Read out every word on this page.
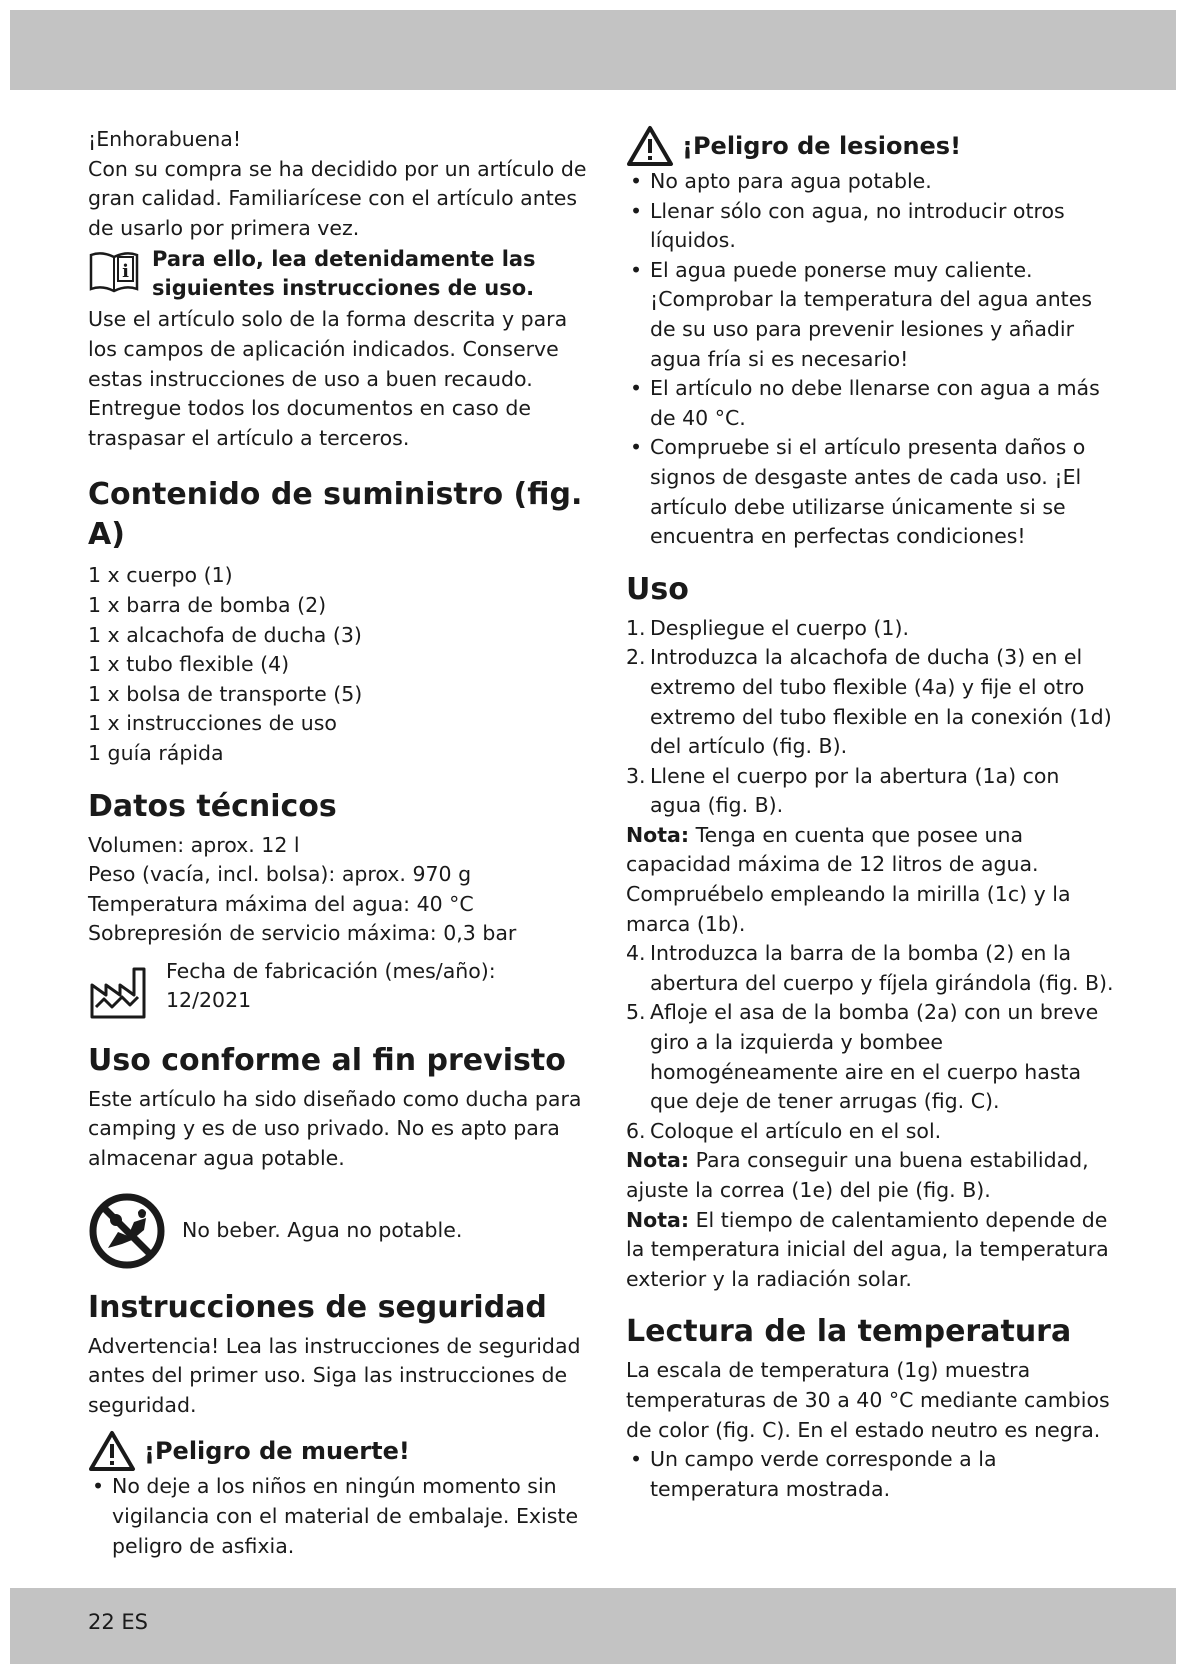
¡Enhorabuena!

Con su compra se ha decidido por un artículo de gran calidad. Familiarícese con el artículo antes de usarlo por primera vez.

i

Para ello, lea detenidamente las siguientes instrucciones de uso.

Use el artículo solo de la forma descrita y para los campos de aplicación indicados. Conserve estas instrucciones de uso a buen recaudo. Entregue todos los documentos en caso de traspasar el artículo a terceros.

Contenido de suministro (fig. A)

1 x cuerpo (1)

1 x barra de bomba (2)

1 x alcachofa de ducha (3)

1 x tubo flexible (4)

1 x bolsa de transporte (5)

1 x instrucciones de uso

1 guía rápida

Datos técnicos

Volumen: aprox. 12 l

Peso (vacía, incl. bolsa): aprox. 970 g

Temperatura máxima del agua: 40 °C

Sobrepresión de servicio máxima: 0,3 bar

Fecha de fabricación (mes/año): 12/2021

Uso conforme al fin previsto

Este artículo ha sido diseñado como ducha para camping y es de uso privado. No es apto para almacenar agua potable.

No beber. Agua no potable.

Instrucciones de seguridad

Advertencia! Lea las instrucciones de seguridad antes del primer uso. Siga las instrucciones de seguridad.

¡Peligro de muerte!
• No deje a los niños en ningún momento sin vigilancia con el material de embalaje. Existe peligro de asfixia.
¡Peligro de lesiones!
• No apto para agua potable.
• Llenar sólo con agua, no introducir otros líquidos.
• El agua puede ponerse muy caliente. ¡Comprobar la temperatura del agua antes de su uso para prevenir lesiones y añadir agua fría si es necesario!
• El artículo no debe llenarse con agua a más de 40 °C.
• Compruebe si el artículo presenta daños o signos de desgaste antes de cada uso. ¡El artículo debe utilizarse únicamente si se encuentra en perfectas condiciones!
Uso
1. Despliegue el cuerpo (1).
2. Introduzca la alcachofa de ducha (3) en el extremo del tubo flexible (4a) y fije el otro extremo del tubo flexible en la conexión (1d) del artículo (fig. B).
3. Llene el cuerpo por la abertura (1a) con agua (fig. B).

Nota: Tenga en cuenta que posee una capacidad máxima de 12 litros de agua. Compruébelo empleando la mirilla (1c) y la marca (1b).

4. Introduzca la barra de la bomba (2) en la abertura del cuerpo y fíjela girándola (fig. B).
5. Afloje el asa de la bomba (2a) con un breve giro a la izquierda y bombee homogéneamente aire en el cuerpo hasta que deje de tener arrugas (fig. C).
6. Coloque el artículo en el sol.

Nota: Para conseguir una buena estabilidad, ajuste la correa (1e) del pie (fig. B).

Nota: El tiempo de calentamiento depende de la temperatura inicial del agua, la temperatura exterior y la radiación solar.

Lectura de la temperatura

La escala de temperatura (1g) muestra temperaturas de 30 a 40 °C mediante cambios de color (fig. C). En el estado neutro es negra.

• Un campo verde corresponde a la temperatura mostrada.
22 ES
